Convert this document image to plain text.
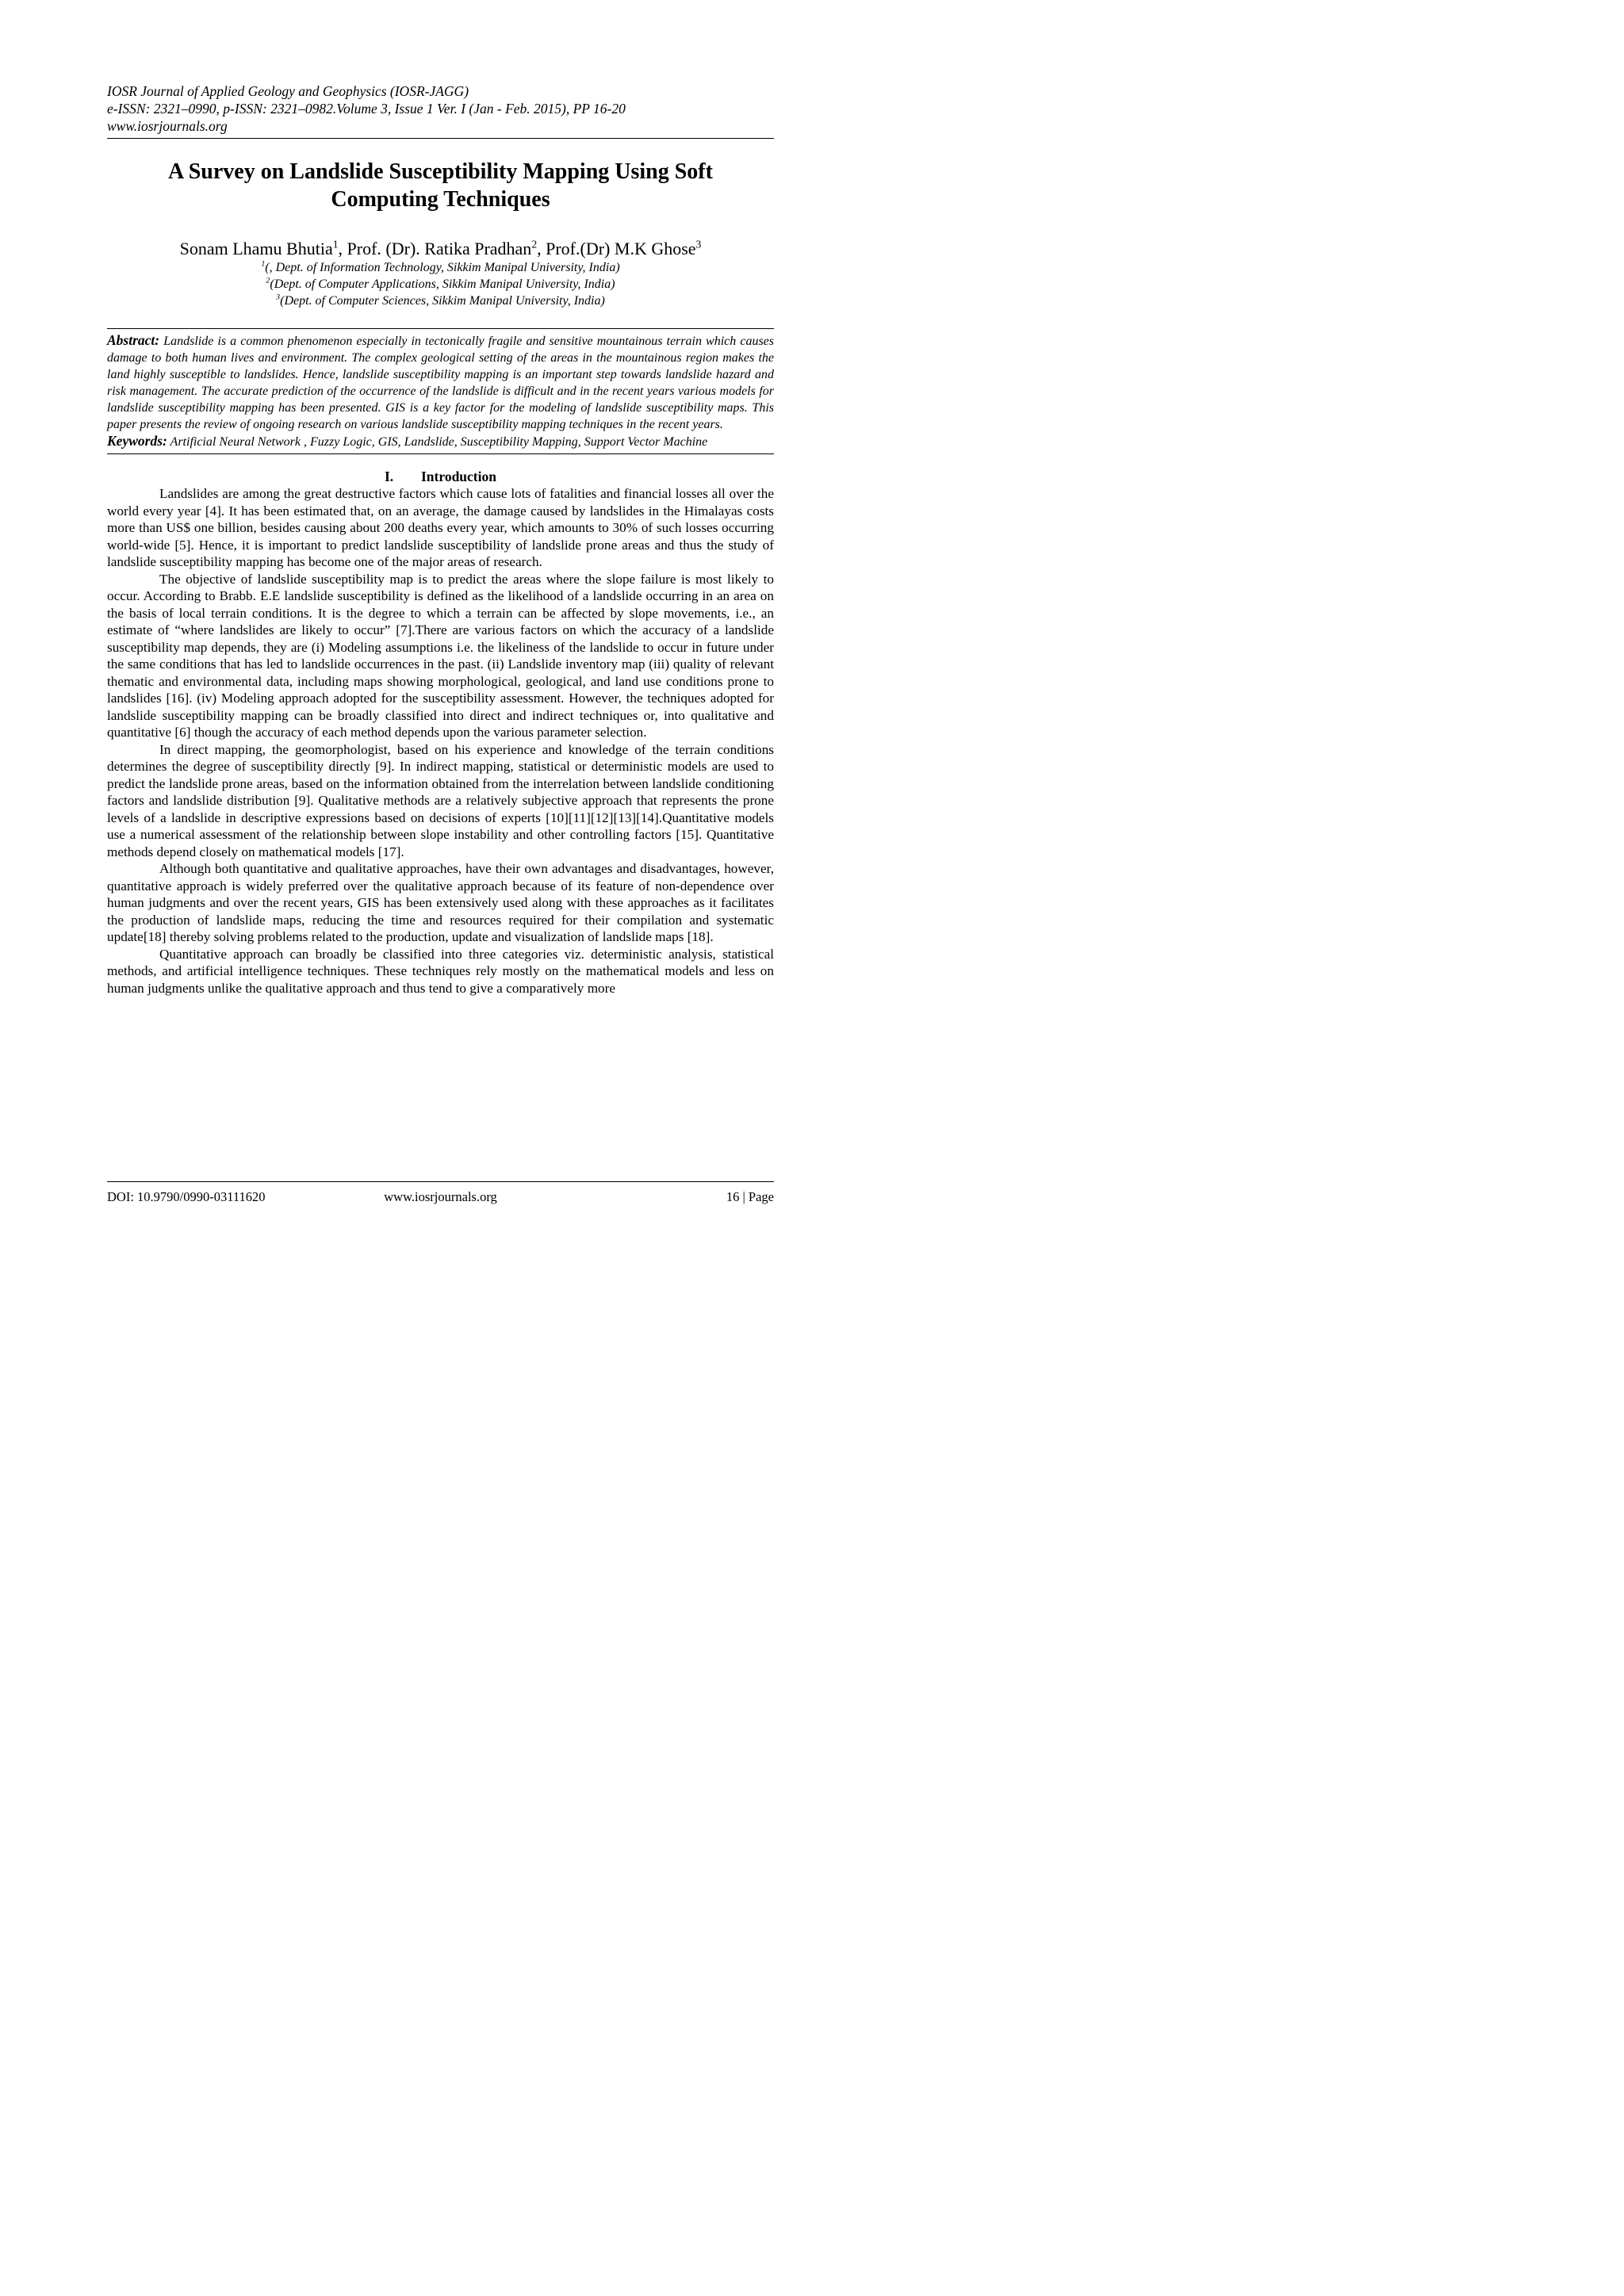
IOSR Journal of Applied Geology and Geophysics (IOSR-JAGG)
e-ISSN: 2321–0990, p-ISSN: 2321–0982.Volume 3, Issue 1 Ver. I (Jan - Feb. 2015), PP 16-20
www.iosrjournals.org
A Survey on Landslide Susceptibility Mapping Using Soft
Computing Techniques
Sonam Lhamu Bhutia$^1$, Prof. (Dr). Ratika Pradhan$^2$, Prof.(Dr) M.K Ghose$^3$
$^1$(, Dept. of Information Technology, Sikkim Manipal University, India)
$^2$(Dept. of Computer Applications, Sikkim Manipal University, India)
$^3$(Dept. of Computer Sciences, Sikkim Manipal University, India)
Abstract: Landslide is a common phenomenon especially in tectonically fragile and sensitive mountainous terrain which causes damage to both human lives and environment. The complex geological setting of the areas in the mountainous region makes the land highly susceptible to landslides. Hence, landslide susceptibility mapping is an important step towards landslide hazard and risk management. The accurate prediction of the occurrence of the landslide is difficult and in the recent years various models for landslide susceptibility mapping has been presented. GIS is a key factor for the modeling of landslide susceptibility maps. This paper presents the review of ongoing research on various landslide susceptibility mapping techniques in the recent years.
Keywords: Artificial Neural Network , Fuzzy Logic, GIS, Landslide, Susceptibility Mapping, Support Vector Machine
I. Introduction

Landslides are among the great destructive factors which cause lots of fatalities and financial losses all over the world every year [4]. It has been estimated that, on an average, the damage caused by landslides in the Himalayas costs more than US$ one billion, besides causing about 200 deaths every year, which amounts to 30% of such losses occurring world-wide [5]. Hence, it is important to predict landslide susceptibility of landslide prone areas and thus the study of landslide susceptibility mapping has become one of the major areas of research.

The objective of landslide susceptibility map is to predict the areas where the slope failure is most likely to occur. According to Brabb. E.E landslide susceptibility is defined as the likelihood of a landslide occurring in an area on the basis of local terrain conditions. It is the degree to which a terrain can be affected by slope movements, i.e., an estimate of “where landslides are likely to occur” [7].There are various factors on which the accuracy of a landslide susceptibility map depends, they are (i) Modeling assumptions i.e. the likeliness of the landslide to occur in future under the same conditions that has led to landslide occurrences in the past. (ii) Landslide inventory map (iii) quality of relevant thematic and environmental data, including maps showing morphological, geological, and land use conditions prone to landslides [16]. (iv) Modeling approach adopted for the susceptibility assessment. However, the techniques adopted for landslide susceptibility mapping can be broadly classified into direct and indirect techniques or, into qualitative and quantitative [6] though the accuracy of each method depends upon the various parameter selection.

In direct mapping, the geomorphologist, based on his experience and knowledge of the terrain conditions determines the degree of susceptibility directly [9]. In indirect mapping, statistical or deterministic models are used to predict the landslide prone areas, based on the information obtained from the interrelation between landslide conditioning factors and landslide distribution [9]. Qualitative methods are a relatively subjective approach that represents the prone levels of a landslide in descriptive expressions based on decisions of experts [10][11][12][13][14].Quantitative models use a numerical assessment of the relationship between slope instability and other controlling factors [15]. Quantitative methods depend closely on mathematical models [17].

Although both quantitative and qualitative approaches, have their own advantages and disadvantages, however, quantitative approach is widely preferred over the qualitative approach because of its feature of non-dependence over human judgments and over the recent years, GIS has been extensively used along with these approaches as it facilitates the production of landslide maps, reducing the time and resources required for their compilation and systematic update[18] thereby solving problems related to the production, update and visualization of landslide maps [18].

Quantitative approach can broadly be classified into three categories viz. deterministic analysis, statistical methods, and artificial intelligence techniques. These techniques rely mostly on the mathematical models and less on human judgments unlike the qualitative approach and thus tend to give a comparatively more

DOI: 10.9790/0990-03111620	www.iosrjournals.org	16 | Page
